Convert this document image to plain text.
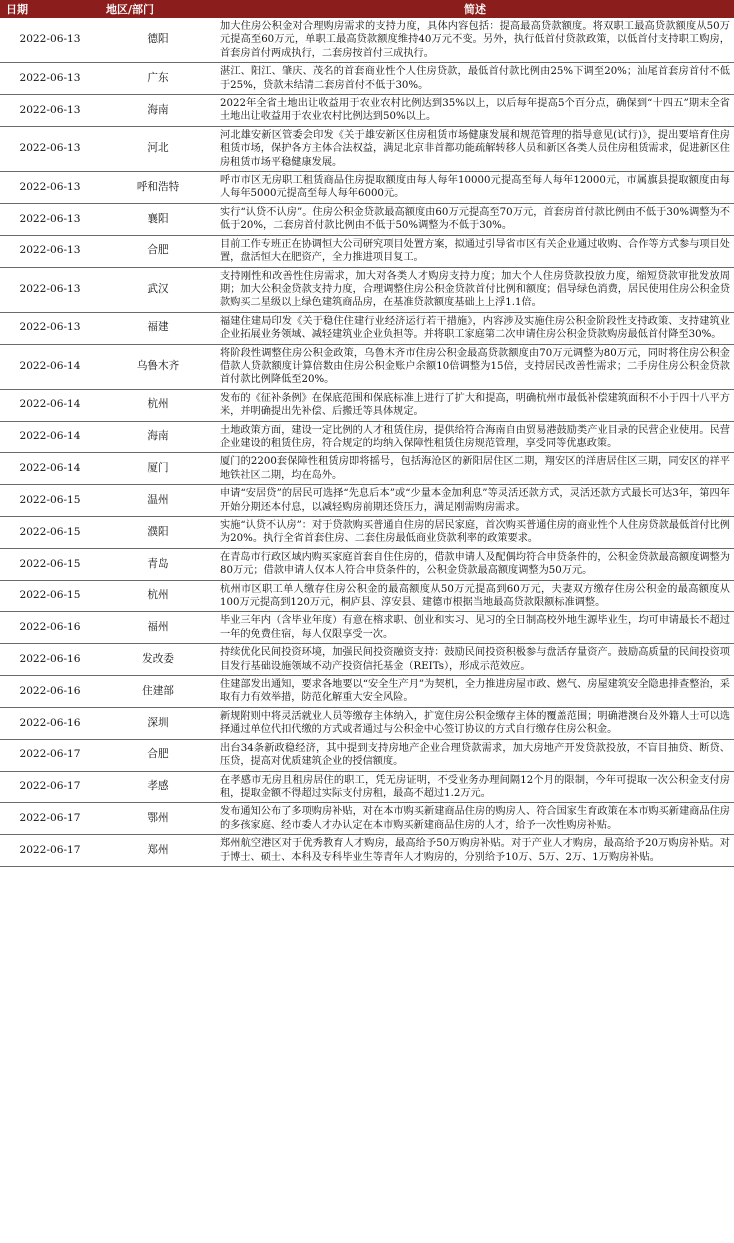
日期	地区/部门	简述
2022-06-13	德阳	加大住房公积金对合理购房需求的支持力度，具体内容包括：提高最高贷款额度。将双职工最高贷款额度从50万元提高至60万元，单职工最高贷款额度维持40万元不变。另外，执行低首付贷款政策，以低首付支持职工购房，首套房首付两成执行，二套房按首付三成执行。
2022-06-13	广东	湛江、阳江、肇庆、茂名的首套商业性个人住房贷款，最低首付款比例由25%下调至20%；汕尾首套房首付不低于25%，贷款未结清二套房首付不低于30%。
2022-06-13	海南	2022年全省土地出让收益用于农业农村比例达到35%以上，以后每年提高5个百分点，确保到“十四五”期末全省土地出让收益用于农业农村比例达到50%以上。
2022-06-13	河北	河北雄安新区管委会印发《关于雄安新区住房租赁市场健康发展和规范管理的指导意见(试行)》，提出要培育住房租赁市场，保护各方主体合法权益，满足北京非首都功能疏解转移人员和新区各类人员住房租赁需求，促进新区住房租赁市场平稳健康发展。
2022-06-13	呼和浩特	呼市市区无房职工租赁商品住房提取额度由每人每年10000元提高至每人每年12000元，市属旗县提取额度由每人每年5000元提高至每人每年6000元。
2022-06-13	襄阳	实行“认贷不认房”。住房公积金贷款最高额度由60万元提高至70万元，首套房首付款比例由不低于30%调整为不低于20%，二套房首付款比例由不低于50%调整为不低于30%。
2022-06-13	合肥	目前工作专班正在协调恒大公司研究项目处置方案，拟通过引导省市区有关企业通过收购、合作等方式参与项目处置，盘活恒大在肥资产，全力推进项目复工。
2022-06-13	武汉	支持刚性和改善性住房需求，加大对各类人才购房支持力度；加大个人住房贷款投放力度，缩短贷款审批发放周期；加大公积金贷款支持力度，合理调整住房公积金贷款首付比例和额度；倡导绿色消费，居民使用住房公积金贷款购买二星级以上绿色建筑商品房，在基准贷款额度基础上上浮1.1倍。
2022-06-13	福建	福建住建局印发《关于稳住住建行业经济运行若干措施》，内容涉及实施住房公积金阶段性支持政策、支持建筑业企业拓展业务领域、减轻建筑业企业负担等。并将职工家庭第二次申请住房公积金贷款购房最低首付降至30%。
2022-06-14	乌鲁木齐	将阶段性调整住房公积金政策，乌鲁木齐市住房公积金最高贷款额度由70万元调整为80万元，同时将住房公积金借款人贷款额度计算倍数由住房公积金账户余额10倍调整为15倍，支持居民改善性需求；二手房住房公积金贷款首付款比例降低至20%。
2022-06-14	杭州	发布的《征补条例》在保底范围和保底标准上进行了扩大和提高，明确杭州市最低补偿建筑面积不小于四十八平方米，并明确提出先补偿、后搬迁等具体规定。
2022-06-14	海南	土地政策方面，建设一定比例的人才租赁住房，提供给符合海南自由贸易港鼓励类产业目录的民营企业使用。民营企业建设的租赁住房，符合规定的均纳入保障性租赁住房规范管理，享受同等优惠政策。
2022-06-14	厦门	厦门的2200套保障性租赁房即将摇号，包括海沧区的新阳居住区二期，翔安区的洋唐居住区三期，同安区的祥平地铁社区二期，均在岛外。
2022-06-15	温州	申请“安居贷”的居民可选择“先息后本”或“少量本金加利息”等灵活还款方式，灵活还款方式最长可达3年，第四年开始分期还本付息，以减轻购房前期还贷压力，满足刚需购房需求。
2022-06-15	濮阳	实施“认贷不认房”：对于贷款购买普通自住房的居民家庭，首次购买普通住房的商业性个人住房贷款最低首付比例为20%。执行全省首套住房、二套住房最低商业贷款利率的政策要求。
2022-06-15	青岛	在青岛市行政区域内购买家庭首套自住住房的，借款申请人及配偶均符合申贷条件的，公积金贷款最高额度调整为80万元；借款申请人仅本人符合申贷条件的，公积金贷款最高额度调整为50万元。
2022-06-15	杭州	杭州市区职工单人缴存住房公积金的最高额度从50万元提高到60万元，夫妻双方缴存住房公积金的最高额度从100万元提高到120万元，桐庐县、淳安县、建德市根据当地最高贷款限额标准调整。
2022-06-16	福州	毕业三年内（含毕业年度）有意在榕求职、创业和实习、见习的全日制高校外地生源毕业生，均可申请最长不超过一年的免费住宿，每人仅限享受一次。
2022-06-16	发改委	持续优化民间投资环境，加强民间投资融资支持：鼓励民间投资积极参与盘活存量资产。鼓励高质量的民间投资项目发行基础设施领域不动产投资信托基金（REITs），形成示范效应。
2022-06-16	住建部	住建部发出通知，要求各地要以“安全生产月”为契机，全力推进房屋市政、燃气、房屋建筑安全隐患排查整治，采取有力有效举措，防范化解重大安全风险。
2022-06-16	深圳	新规附则中将灵活就业人员等缴存主体纳入，扩宽住房公积金缴存主体的覆盖范围；明确港澳台及外籍人士可以选择通过单位代扣代缴的方式或者通过与公积金中心签订协议的方式自行缴存住房公积金。
2022-06-17	合肥	出台34条新政稳经济，其中提到支持房地产企业合理贷款需求，加大房地产开发贷款投放，不盲目抽贷、断贷、压贷，提高对优质建筑企业的授信额度。
2022-06-17	孝感	在孝感市无房且租房居住的职工，凭无房证明，不受业务办理间隔12个月的限制，今年可提取一次公积金支付房租，提取金额不得超过实际支付房租，最高不超过1.2万元。
2022-06-17	鄂州	发布通知公布了多项购房补贴，对在本市购买新建商品住房的购房人、符合国家生育政策在本市购买新建商品住房的多孩家庭、经市委人才办认定在本市购买新建商品住房的人才，给予一次性购房补贴。
2022-06-17	郑州	郑州航空港区对于优秀教育人才购房，最高给予50万购房补贴。对于产业人才购房，最高给予20万购房补贴。对于博士、硕士、本科及专科毕业生等青年人才购房的，分别给予10万、5万、2万、1万购房补贴。
